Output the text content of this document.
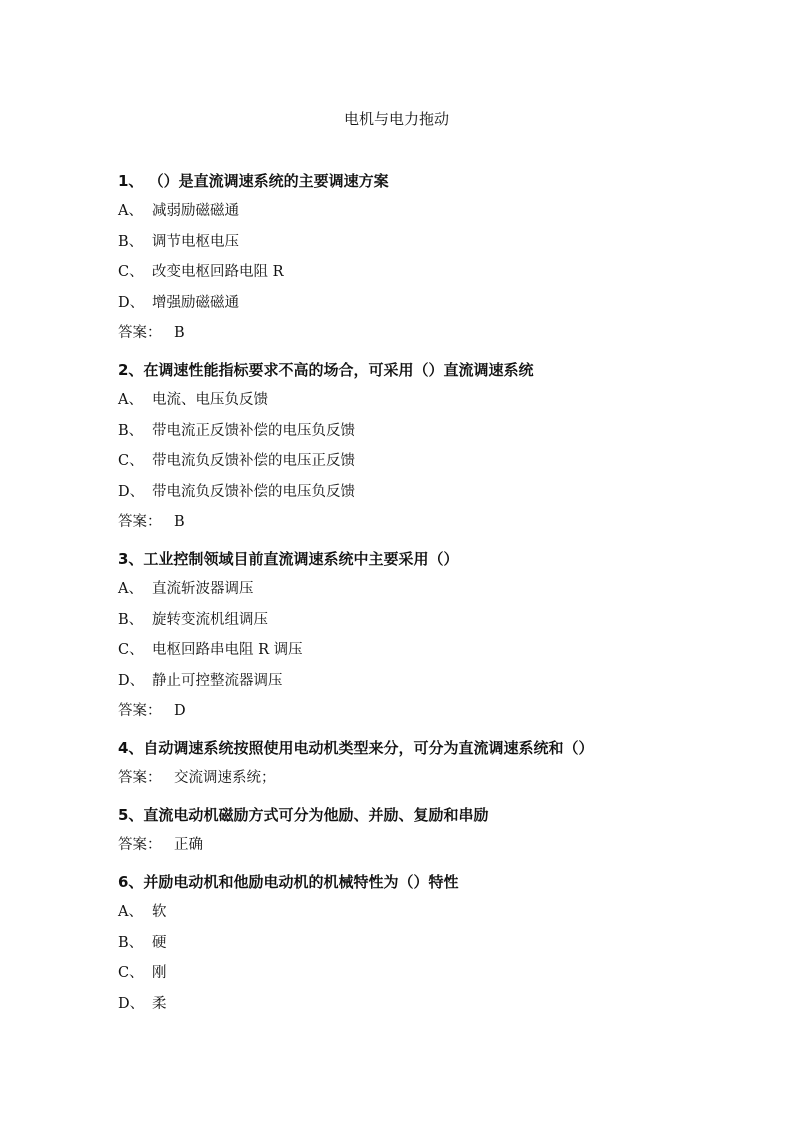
电机与电力拖动
1、 （）是直流调速系统的主要调速方案
A、 减弱励磁磁通
B、 调节电枢电压
C、 改变电枢回路电阻 R
D、 增强励磁磁通
答案： B
2、在调速性能指标要求不高的场合，可采用（）直流调速系统
A、 电流、电压负反馈
B、 带电流正反馈补偿的电压负反馈
C、 带电流负反馈补偿的电压正反馈
D、 带电流负反馈补偿的电压负反馈
答案： B
3、工业控制领域目前直流调速系统中主要采用（）
A、 直流斩波器调压
B、 旋转变流机组调压
C、 电枢回路串电阻 R 调压
D、 静止可控整流器调压
答案： D
4、自动调速系统按照使用电动机类型来分，可分为直流调速系统和（）
答案： 交流调速系统；
5、直流电动机磁励方式可分为他励、并励、复励和串励
答案： 正确
6、并励电动机和他励电动机的机械特性为（）特性
A、 软
B、 硬
C、 刚
D、 柔
